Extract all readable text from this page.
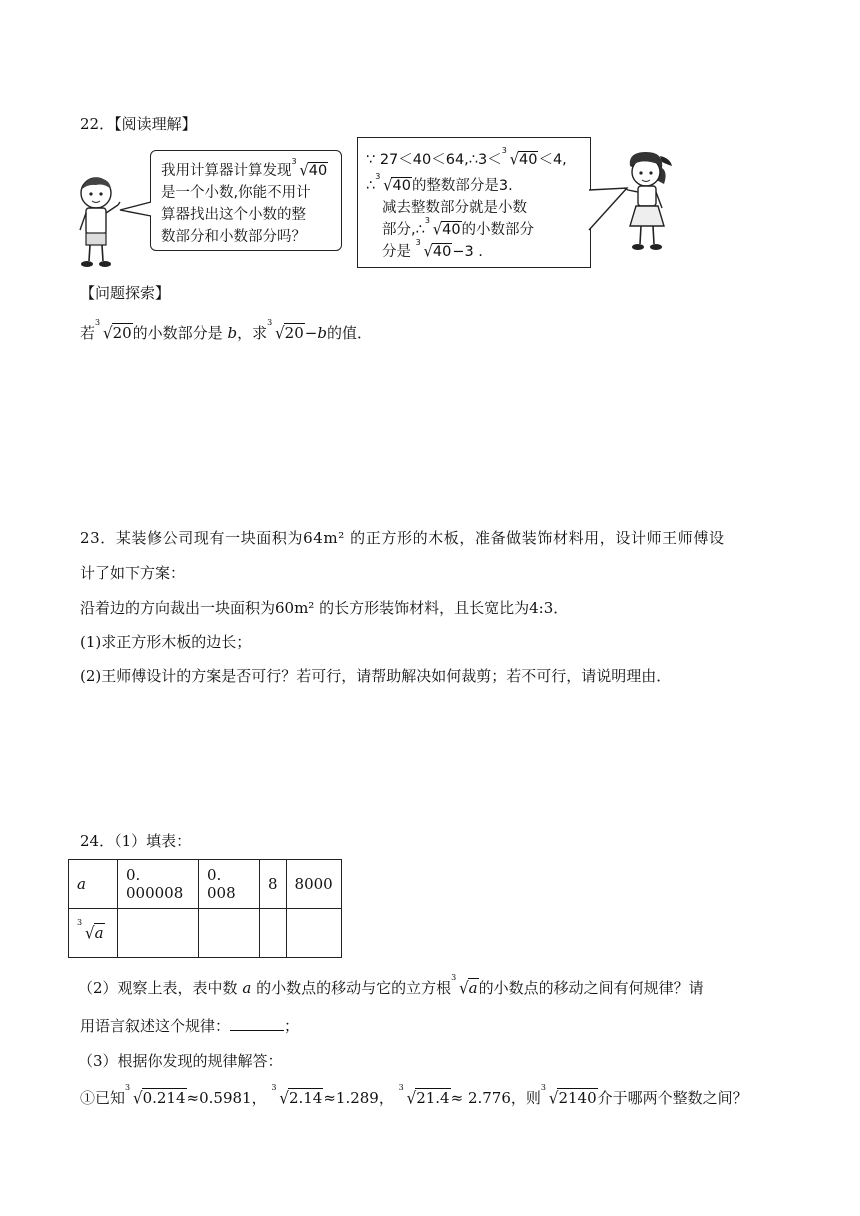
22．【阅读理解】
我用计算器计算发现
3
√40
是一个小数,你能不用计
算器找出这个小数的整
数部分和小数部分吗？
∵ 27＜40＜64,∴3＜
3
√40＜4,
∴
3
√40的整数部分是3.
减去整数部分就是小数
部分,∴
3
√40的小数部分
分是
3
√40−3 .
【问题探索】
若
3
√20的小数部分是 b，求
3
√20−b的值．
23．某装修公司现有一块面积为64m² 的正方形的木板，准备做装饰材料用，设计师王师傅设
计了如下方案：
沿着边的方向裁出一块面积为60m² 的长方形装饰材料，且长宽比为4:3．
(1)求正方形木板的边长；
(2)王师傅设计的方案是否可行？若可行，请帮助解决如何裁剪；若不可行，请说明理由．
24．（1）填表：
a	0. 000008	0. 008	8	8000

3
√a				
（2）观察上表，表中数 a 的小数点的移动与它的立方根
3
√a的小数点的移动之间有何规律？请
用语言叙述这个规律：	；
（3）根据你发现的规律解答：
①已知
3
√0.214≈0.5981，
3
√2.14≈1.289，
3
√21.4≈ 2.776，则
3
√2140介于哪两个整数之间？
